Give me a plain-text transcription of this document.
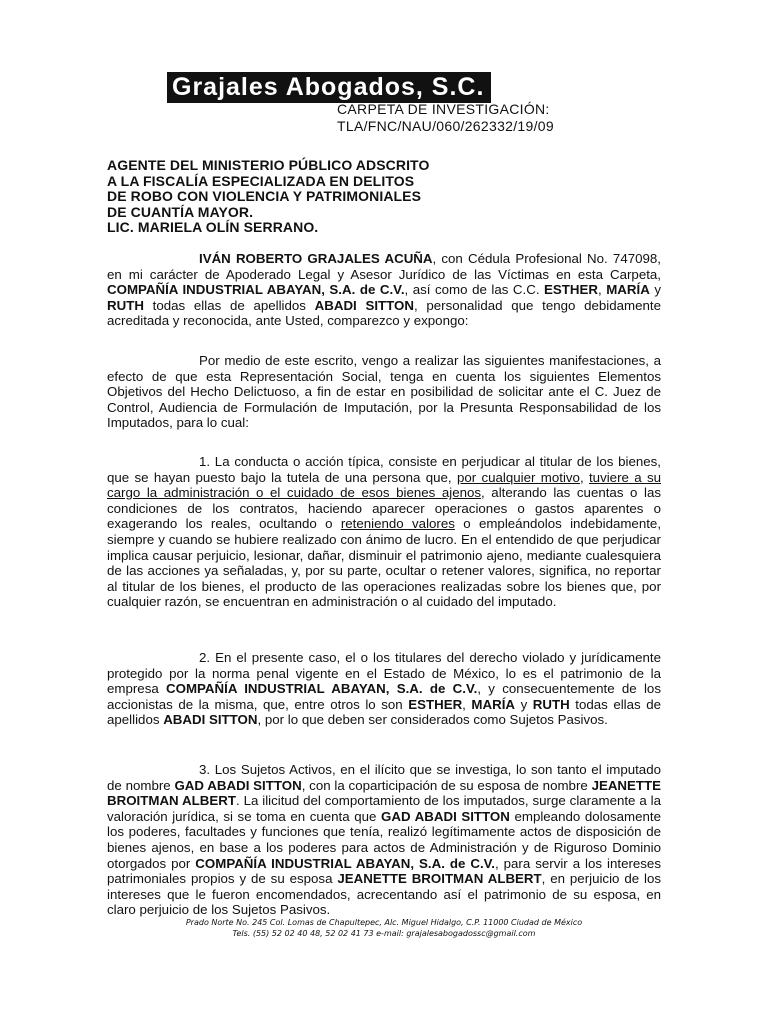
Grajales Abogados, S.C.
CARPETA DE INVESTIGACIÓN:
TLA/FNC/NAU/060/262332/19/09
AGENTE DEL MINISTERIO PÚBLICO ADSCRITO
A LA FISCALÍA ESPECIALIZADA EN DELITOS
DE ROBO CON VIOLENCIA Y PATRIMONIALES
DE CUANTÍA MAYOR.
LIC. MARIELA OLÍN SERRANO.
IVÁN ROBERTO GRAJALES ACUÑA, con Cédula Profesional No. 747098, en mi carácter de Apoderado Legal y Asesor Jurídico de las Víctimas en esta Carpeta, COMPAÑÍA INDUSTRIAL ABAYAN, S.A. de C.V., así como de las C.C. ESTHER, MARÍA y RUTH todas ellas de apellidos ABADI SITTON, personalidad que tengo debidamente acreditada y reconocida, ante Usted, comparezco y expongo:
Por medio de este escrito, vengo a realizar las siguientes manifestaciones, a efecto de que esta Representación Social, tenga en cuenta los siguientes Elementos Objetivos del Hecho Delictuoso, a fin de estar en posibilidad de solicitar ante el C. Juez de Control, Audiencia de Formulación de Imputación, por la Presunta Responsabilidad de los Imputados, para lo cual:
1. La conducta o acción típica, consiste en perjudicar al titular de los bienes, que se hayan puesto bajo la tutela de una persona que, por cualquier motivo, tuviere a su cargo la administración o el cuidado de esos bienes ajenos, alterando las cuentas o las condiciones de los contratos, haciendo aparecer operaciones o gastos aparentes o exagerando los reales, ocultando o reteniendo valores o empleándolos indebidamente, siempre y cuando se hubiere realizado con ánimo de lucro. En el entendido de que perjudicar implica causar perjuicio, lesionar, dañar, disminuir el patrimonio ajeno, mediante cualesquiera de las acciones ya señaladas, y, por su parte, ocultar o retener valores, significa, no reportar al titular de los bienes, el producto de las operaciones realizadas sobre los bienes que, por cualquier razón, se encuentran en administración o al cuidado del imputado.
2. En el presente caso, el o los titulares del derecho violado y jurídicamente protegido por la norma penal vigente en el Estado de México, lo es el patrimonio de la empresa COMPAÑÍA INDUSTRIAL ABAYAN, S.A. de C.V., y consecuentemente de los accionistas de la misma, que, entre otros lo son ESTHER, MARÍA y RUTH todas ellas de apellidos ABADI SITTON, por lo que deben ser considerados como Sujetos Pasivos.
3. Los Sujetos Activos, en el ilícito que se investiga, lo son tanto el imputado de nombre GAD ABADI SITTON, con la coparticipación de su esposa de nombre JEANETTE BROITMAN ALBERT. La ilicitud del comportamiento de los imputados, surge claramente a la valoración jurídica, si se toma en cuenta que GAD ABADI SITTON empleando dolosamente los poderes, facultades y funciones que tenía, realizó legítimamente actos de disposición de bienes ajenos, en base a los poderes para actos de Administración y de Riguroso Dominio otorgados por COMPAÑÍA INDUSTRIAL ABAYAN, S.A. de C.V., para servir a los intereses patrimoniales propios y de su esposa JEANETTE BROITMAN ALBERT, en perjuicio de los intereses que le fueron encomendados, acrecentando así el patrimonio de su esposa, en claro perjuicio de los Sujetos Pasivos.
Prado Norte No. 245 Col. Lomas de Chapultepec, Alc. Miguel Hidalgo, C.P. 11000 Ciudad de México
Tels. (55) 52 02 40 48, 52 02 41 73 e-mail: grajalesabogadossc@gmail.com
